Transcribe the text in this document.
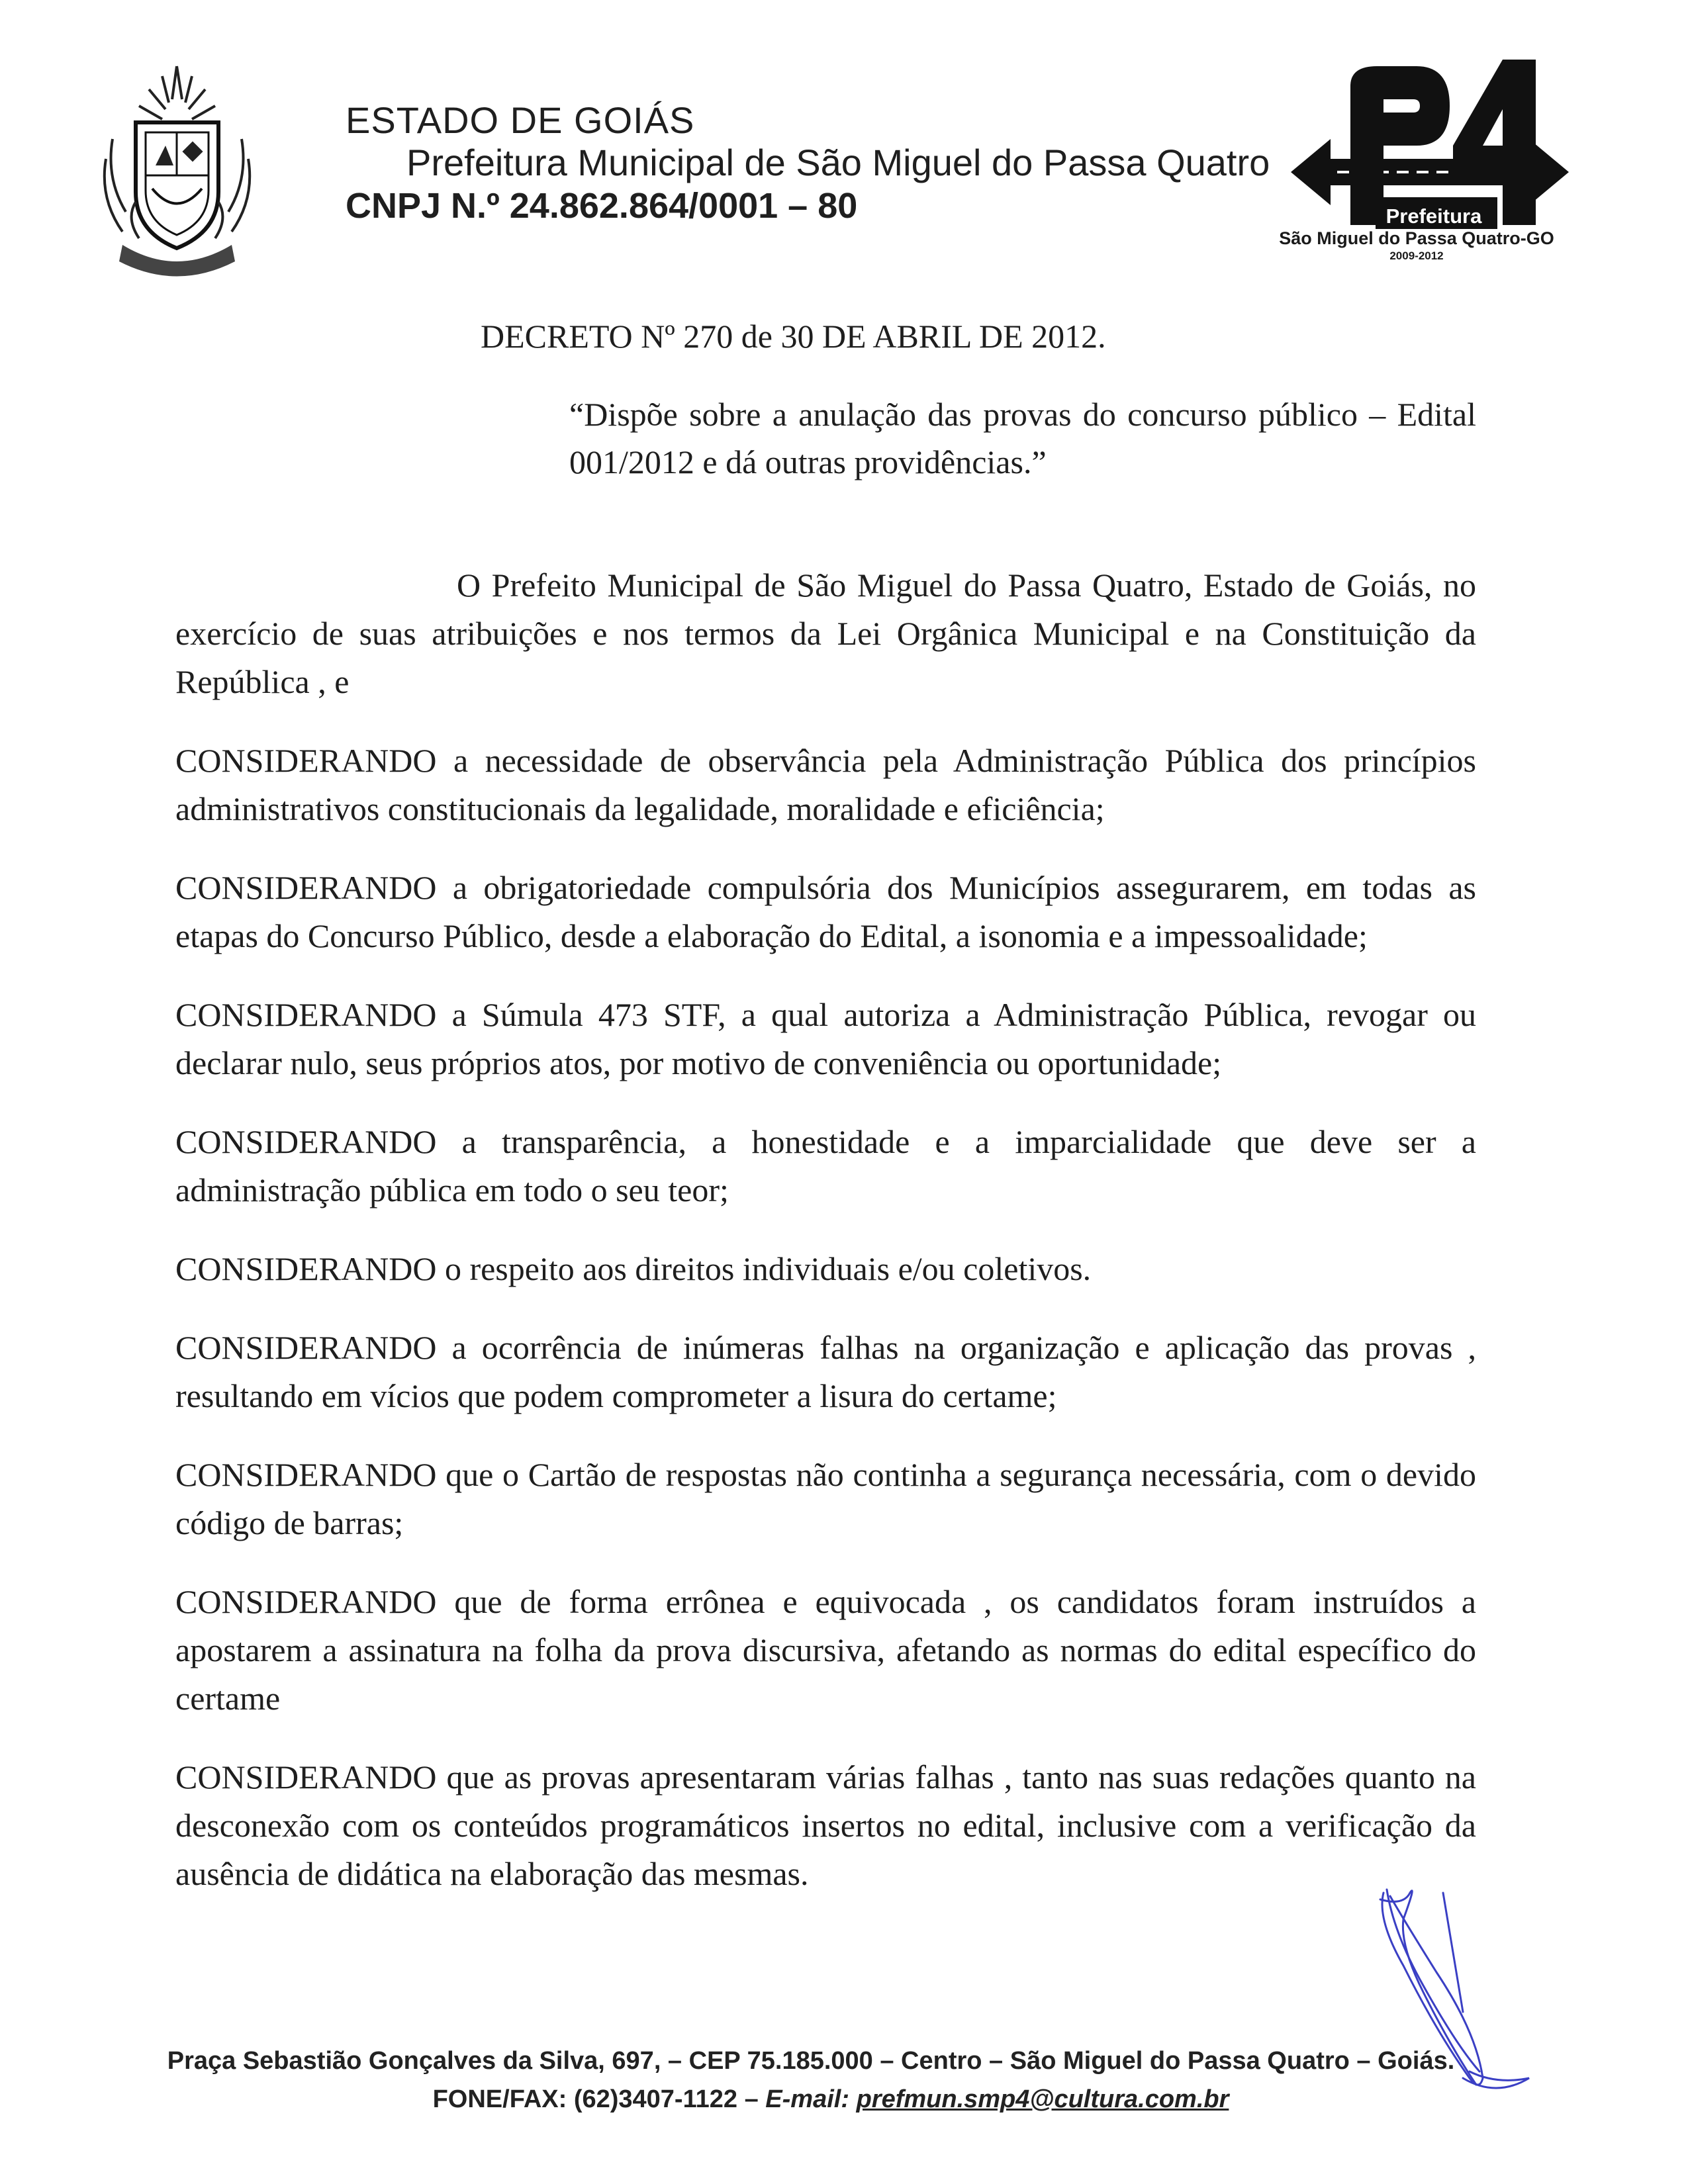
ESTADO DE GOIÁS
Prefeitura Municipal de São Miguel do Passa Quatro
CNPJ N.º 24.862.864/0001 – 80	Prefeitura
São Miguel do Passa Quatro-GO
2009-2012
DECRETO Nº 270 de 30 DE ABRIL DE 2012.
“Dispõe sobre a anulação das provas do concurso público – Edital 001/2012 e dá outras providências.”

O Prefeito Municipal de São Miguel do Passa Quatro, Estado de Goiás, no exercício de suas atribuições e nos termos da Lei Orgânica Municipal e na Constituição da República , e

CONSIDERANDO a necessidade de observância pela Administração Pública dos princípios administrativos constitucionais da legalidade, moralidade e eficiência;

CONSIDERANDO a obrigatoriedade compulsória dos Municípios assegurarem, em todas as etapas do Concurso Público, desde a elaboração do Edital, a isonomia e a impessoalidade;

CONSIDERANDO a Súmula 473 STF, a qual autoriza a Administração Pública, revogar ou declarar nulo, seus próprios atos, por motivo de conveniência ou oportunidade;

CONSIDERANDO a transparência, a honestidade e a imparcialidade que deve ser a administração pública em todo o seu teor;

CONSIDERANDO o respeito aos direitos individuais e/ou coletivos.

CONSIDERANDO a ocorrência de inúmeras falhas na organização e aplicação das provas , resultando em vícios que podem comprometer a lisura do certame;

CONSIDERANDO que o Cartão de respostas não continha a segurança necessária, com o devido código de barras;

CONSIDERANDO que de forma errônea e equivocada , os candidatos foram instruídos a apostarem a assinatura na folha da prova discursiva, afetando as normas do edital específico do certame

CONSIDERANDO que as provas apresentaram várias falhas , tanto nas suas redações quanto na desconexão com os conteúdos programáticos insertos no edital, inclusive com a verificação da ausência de didática na elaboração das mesmas.

Praça Sebastião Gonçalves da Silva, 697, – CEP 75.185.000 – Centro – São Miguel do Passa Quatro – Goiás.
FONE/FAX: (62)3407-1122 – E-mail: prefmun.smp4@cultura.com.br
